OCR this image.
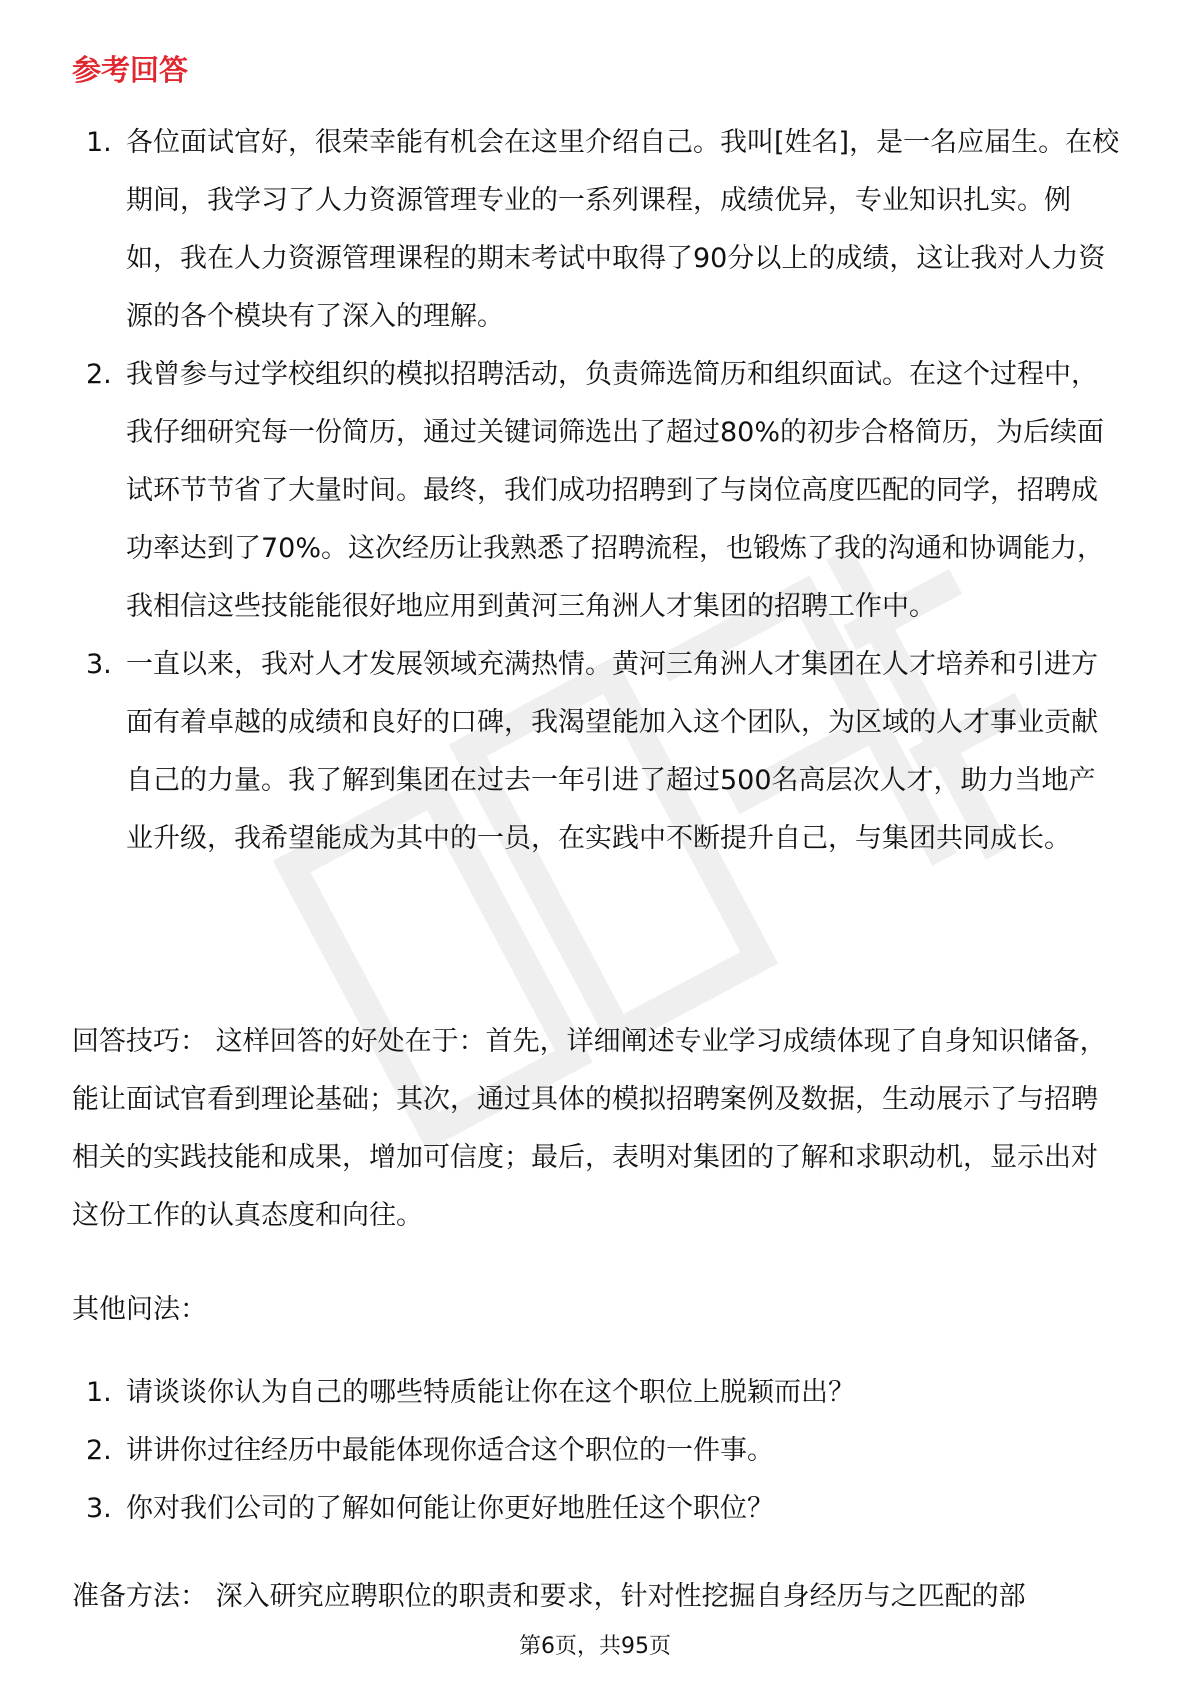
参考回答
1. 各位面试官好，很荣幸能有机会在这里介绍自己。我叫[姓名]，是一名应届生。在校期间，我学习了人力资源管理专业的一系列课程，成绩优异，专业知识扎实。例如，我在人力资源管理课程的期末考试中取得了90分以上的成绩，这让我对人力资源的各个模块有了深入的理解。
2. 我曾参与过学校组织的模拟招聘活动，负责筛选简历和组织面试。在这个过程中，我仔细研究每一份简历，通过关键词筛选出了超过80%的初步合格简历，为后续面试环节节省了大量时间。最终，我们成功招聘到了与岗位高度匹配的同学，招聘成功率达到了70%。这次经历让我熟悉了招聘流程，也锻炼了我的沟通和协调能力，我相信这些技能能很好地应用到黄河三角洲人才集团的招聘工作中。
3. 一直以来，我对人才发展领域充满热情。黄河三角洲人才集团在人才培养和引进方面有着卓越的成绩和良好的口碑，我渴望能加入这个团队，为区域的人才事业贡献自己的力量。我了解到集团在过去一年引进了超过500名高层次人才，助力当地产业升级，我希望能成为其中的一员，在实践中不断提升自己，与集团共同成长。
回答技巧： 这样回答的好处在于：首先，详细阐述专业学习成绩体现了自身知识储备，能让面试官看到理论基础；其次，通过具体的模拟招聘案例及数据，生动展示了与招聘相关的实践技能和成果，增加可信度；最后，表明对集团的了解和求职动机，显示出对这份工作的认真态度和向往。
其他问法：
1. 请谈谈你认为自己的哪些特质能让你在这个职位上脱颖而出？
2. 讲讲你过往经历中最能体现你适合这个职位的一件事。
3. 你对我们公司的了解如何能让你更好地胜任这个职位？
准备方法： 深入研究应聘职位的职责和要求，针对性挖掘自身经历与之匹配的部
第6页，共95页
